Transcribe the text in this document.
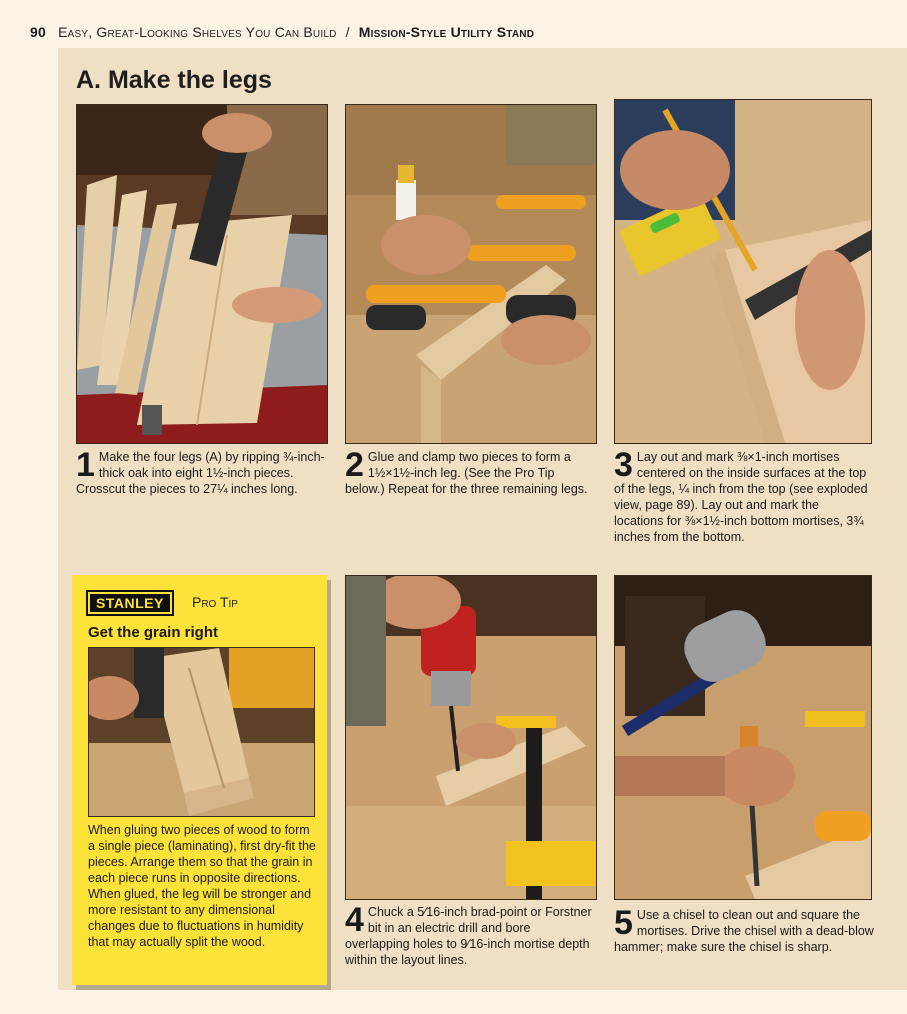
90 Easy, Great-Looking Shelves You Can Build / Mission-Style Utility Stand
A. Make the legs
1 Make the four legs (A) by ripping ¾-inch-thick oak into eight 1½-inch pieces. Crosscut the pieces to 27¼ inches long.
2 Glue and clamp two pieces to form a 1½×1½-inch leg. (See the Pro Tip below.) Repeat for the three remaining legs.
3 Lay out and mark ⅜×1-inch mortises centered on the inside surfaces at the top of the legs, ¼ inch from the top (see exploded view, page 89). Lay out and mark the locations for ⅜×1½-inch bottom mortises, 3¾ inches from the bottom.
4 Chuck a 5⁄16-inch brad-point or Forstner bit in an electric drill and bore overlapping holes to 9⁄16-inch mortise depth within the layout lines.
5 Use a chisel to clean out and square the mortises. Drive the chisel with a dead-blow hammer; make sure the chisel is sharp.
STANLEY	Pro Tip
Get the grain right
When gluing two pieces of wood to form a single piece (laminating), first dry-fit the pieces. Arrange them so that the grain in each piece runs in opposite directions. When glued, the leg will be stronger and more resistant to any dimensional changes due to fluctuations in humidity that may actually split the wood.
